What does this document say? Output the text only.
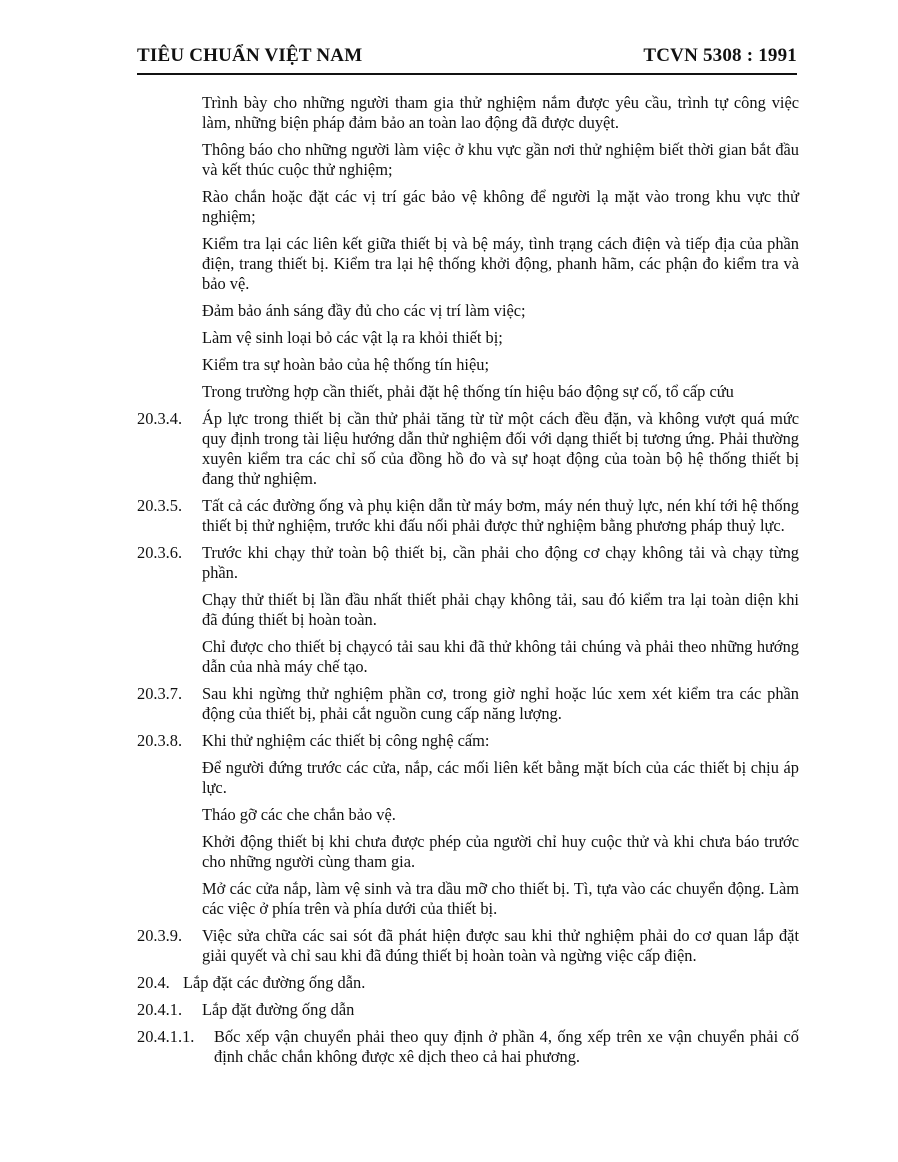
TIÊU CHUẨN VIỆT NAM	TCVN 5308 : 1991

Trình bày cho những người tham gia thử nghiệm nắm được yêu cầu, trình tự công việc làm, những biện pháp đảm bảo an toàn lao động đã được duyệt.

Thông báo cho những người làm việc ở khu vực gần nơi thử nghiệm biết thời gian bắt đầu và kết thúc cuộc thử nghiệm;

Rào chắn hoặc đặt các vị trí gác bảo vệ không để người lạ mặt vào trong khu vực thử nghiệm;

Kiểm tra lại các liên kết giữa thiết bị và bệ máy, tình trạng cách điện và tiếp địa của phần điện, trang thiết bị. Kiểm tra lại hệ thống khởi động, phanh hãm, các phận đo kiểm tra và bảo vệ.

Đảm bảo ánh sáng đầy đủ cho các vị trí làm việc;

Làm vệ sinh loại bỏ các vật lạ ra khỏi thiết bị;

Kiểm tra sự hoàn bảo của hệ thống tín hiệu;

Trong trường hợp cần thiết, phải đặt hệ thống tín hiệu báo động sự cố, tổ cấp cứu

20.3.4.	Áp lực trong thiết bị cần thử phải tăng từ từ một cách đều đặn, và không vượt quá mức quy định trong tài liệu hướng dẫn thử nghiệm đối với dạng thiết bị tương ứng. Phải thường xuyên kiểm tra các chỉ số của đồng hồ đo và sự hoạt động của toàn bộ hệ thống thiết bị đang thử nghiệm.
20.3.5.	Tất cả các đường ống và phụ kiện dẫn từ máy bơm, máy nén thuỷ lực, nén khí tới hệ thống thiết bị thử nghiệm, trước khi đấu nối phải được thử nghiệm bằng phương pháp thuỷ lực.
20.3.6.	Trước khi chạy thử toàn bộ thiết bị, cần phải cho động cơ chạy không tải và chạy từng phần.

Chạy thử thiết bị lần đầu nhất thiết phải chạy không tải, sau đó kiểm tra lại toàn diện khi đã đúng thiết bị hoàn toàn.

Chỉ được cho thiết bị chạycó tải sau khi đã thử không tải chúng và phải theo những hướng dẫn của nhà máy chế tạo.

20.3.7.	Sau khi ngừng thử nghiệm phần cơ, trong giờ nghỉ hoặc lúc xem xét kiểm tra các phần động của thiết bị, phải cắt nguồn cung cấp năng lượng.
20.3.8.	Khi thử nghiệm các thiết bị công nghệ cấm:

Để người đứng trước các cửa, nắp, các mối liên kết bằng mặt bích của các thiết bị chịu áp lực.

Tháo gỡ các che chắn bảo vệ.

Khởi động thiết bị khi chưa được phép của người chỉ huy cuộc thử và khi chưa báo trước cho những người cùng tham gia.

Mở các cửa nắp, làm vệ sinh và tra dầu mỡ cho thiết bị. Tì, tựa vào các chuyển động. Làm các việc ở phía trên và phía dưới của thiết bị.

20.3.9.	Việc sửa chữa các sai sót đã phát hiện được sau khi thử nghiệm phải do cơ quan lắp đặt giải quyết và chỉ sau khi đã đúng thiết bị hoàn toàn và ngừng việc cấp điện.
20.4. Lắp đặt các đường ống dẫn.
20.4.1.	Lắp đặt đường ống dẫn
20.4.1.1.	Bốc xếp vận chuyển phải theo quy định ở phần 4, ống xếp trên xe vận chuyển phải cố định chắc chắn không được xê dịch theo cả hai phương.
